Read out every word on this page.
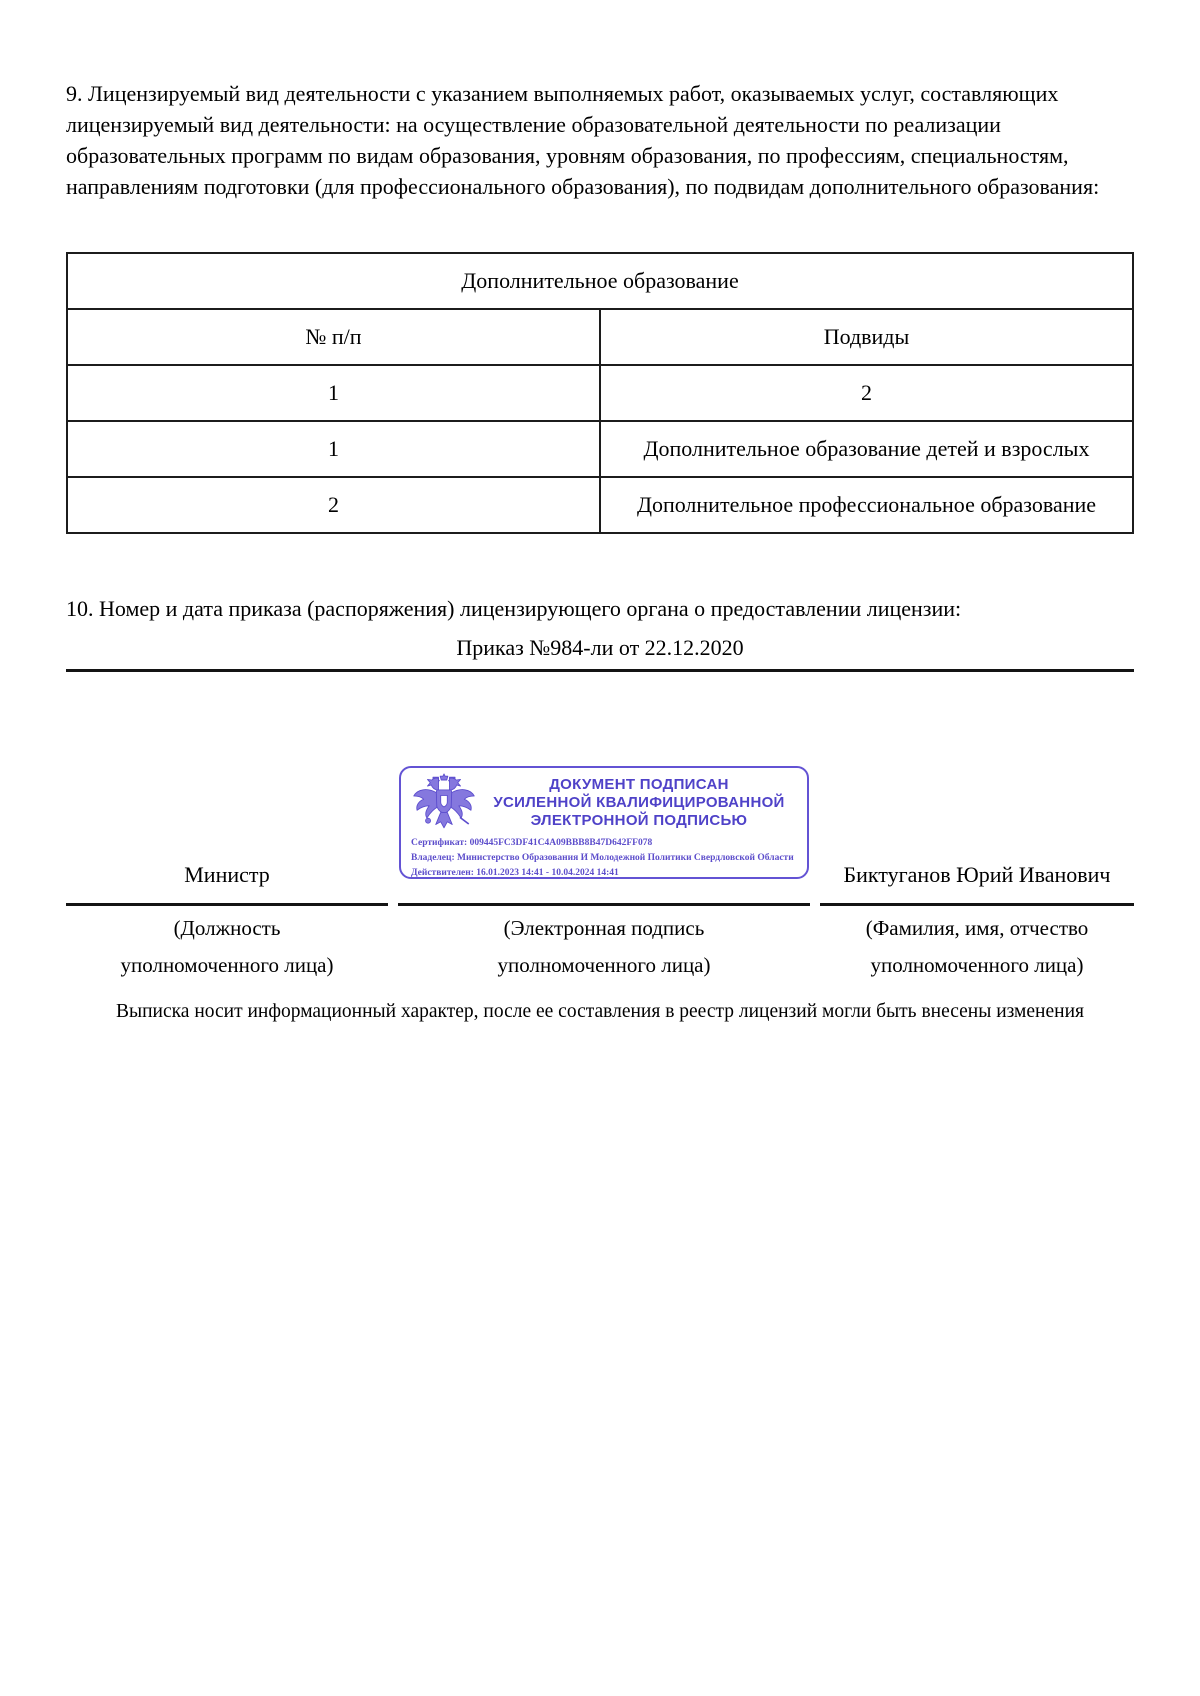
9. Лицензируемый вид деятельности с указанием выполняемых работ, оказываемых услуг, составляющих лицензируемый вид деятельности: на осуществление образовательной деятельности по реализации образовательных программ по видам образования, уровням образования, по профессиям, специальностям, направлениям подготовки (для профессионального образования), по подвидам дополнительного образования:

Дополнительное образование	
№ п/п	Подвиды
1	2
1	Дополнительное образование детей и взрослых
2	Дополнительное профессиональное образование

10. Номер и дата приказа (распоряжения) лицензирующего органа о предоставлении лицензии:

Приказ №984-ли от 22.12.2020
Министр
(Должность
уполномоченного лица)
ДОКУМЕНТ ПОДПИСАН
УСИЛЕННОЙ КВАЛИФИЦИРОВАННОЙ
ЭЛЕКТРОННОЙ ПОДПИСЬЮ
Сертификат: 009445FC3DF41C4A09BBB8B47D642FF078
Владелец: Министерство Образования И Молодежной Политики Свердловской Области
Действителен: 16.01.2023 14:41 - 10.04.2024 14:41
(Электронная подпись
уполномоченного лица)
Биктуганов Юрий Иванович
(Фамилия, имя, отчество
уполномоченного лица)

Выписка носит информационный характер, после ее составления в реестр лицензий могли быть внесены изменения
